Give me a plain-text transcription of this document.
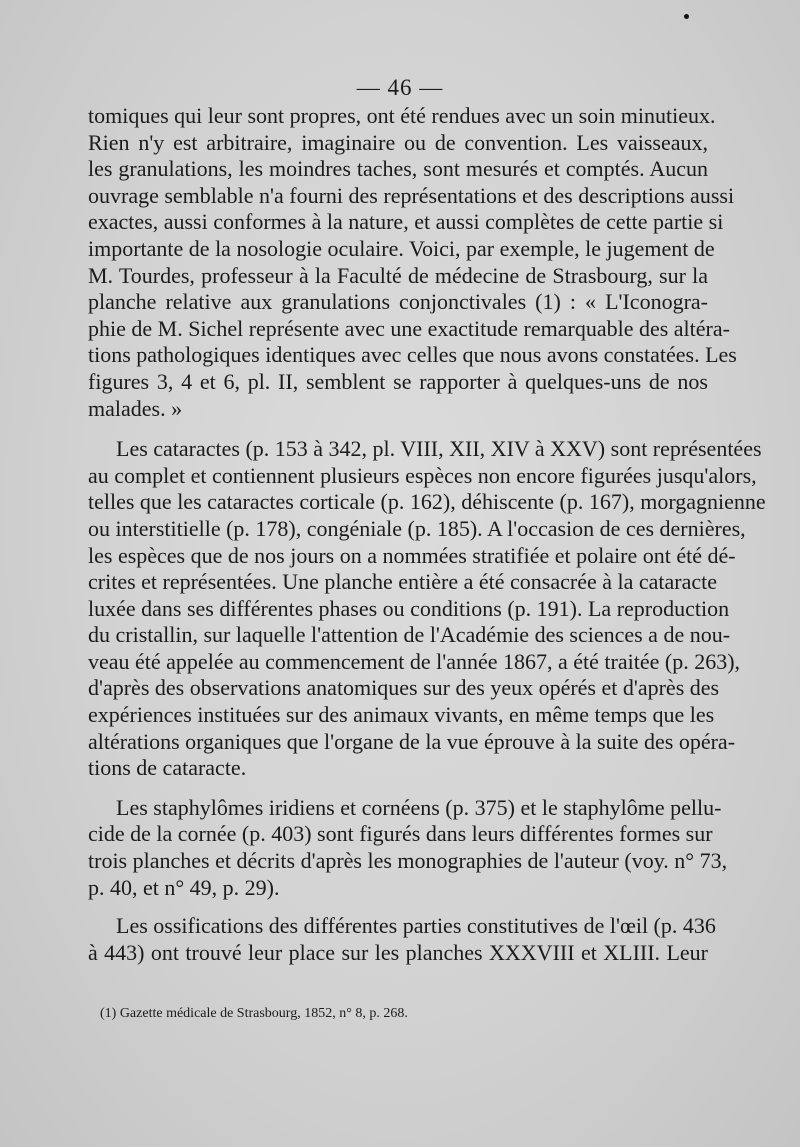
— 46 —
tomiques qui leur sont propres, ont été rendues avec un soin minutieux.
Rien n'y est arbitraire, imaginaire ou de convention. Les vaisseaux,
les granulations, les moindres taches, sont mesurés et comptés. Aucun
ouvrage semblable n'a fourni des représentations et des descriptions aussi
exactes, aussi conformes à la nature, et aussi complètes de cette partie si
importante de la nosologie oculaire. Voici, par exemple, le jugement de
M. Tourdes, professeur à la Faculté de médecine de Strasbourg, sur la
planche relative aux granulations conjonctivales (1) : « L'Iconogra-
phie de M. Sichel représente avec une exactitude remarquable des altéra-
tions pathologiques identiques avec celles que nous avons constatées. Les
figures 3, 4 et 6, pl. II, semblent se rapporter à quelques-uns de nos
malades. »
Les cataractes (p. 153 à 342, pl. VIII, XII, XIV à XXV) sont représentées
au complet et contiennent plusieurs espèces non encore figurées jusqu'alors,
telles que les cataractes corticale (p. 162), déhiscente (p. 167), morgagnienne
ou interstitielle (p. 178), congéniale (p. 185). A l'occasion de ces dernières,
les espèces que de nos jours on a nommées stratifiée et polaire ont été dé-
crites et représentées. Une planche entière a été consacrée à la cataracte
luxée dans ses différentes phases ou conditions (p. 191). La reproduction
du cristallin, sur laquelle l'attention de l'Académie des sciences a de nou-
veau été appelée au commencement de l'année 1867, a été traitée (p. 263),
d'après des observations anatomiques sur des yeux opérés et d'après des
expériences instituées sur des animaux vivants, en même temps que les
altérations organiques que l'organe de la vue éprouve à la suite des opéra-
tions de cataracte.
Les staphylômes iridiens et cornéens (p. 375) et le staphylôme pellu-
cide de la cornée (p. 403) sont figurés dans leurs différentes formes sur
trois planches et décrits d'après les monographies de l'auteur (voy. n° 73,
p. 40, et n° 49, p. 29).
Les ossifications des différentes parties constitutives de l'œil (p. 436
à 443) ont trouvé leur place sur les planches XXXVIII et XLIII. Leur
(1) Gazette médicale de Strasbourg, 1852, n° 8, p. 268.
